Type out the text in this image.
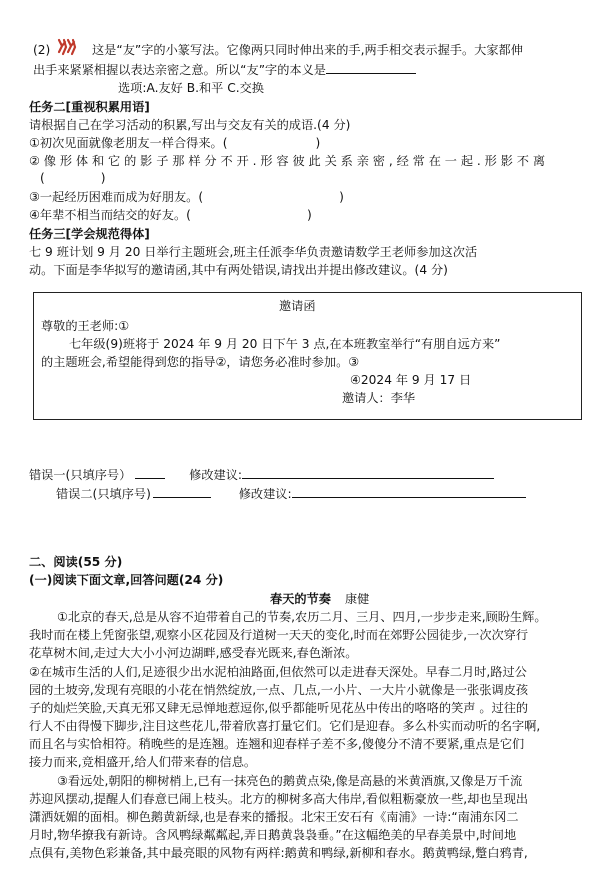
(2)	这是“友”字的小篆写法。它像两只同时伸出来的手,两手相交表示握手。大家都伸
出手来紧紧相握以表达亲密之意。所以“友”字的本义是
选项:A.友好 B.和平 C.交换
任务二[重视积累用语]
请根据自己在学习活动的积累,写出与交友有关的成语.(4 分)
①初次见面就像老朋友一样合得来。(	)
② 像 形 体 和 它 的 影 子 那 样 分 不 开 . 形 容 彼 此 关 系 亲 密 , 经 常 在 一 起 . 形 影 不 离
(	)
③一起经历困难而成为好朋友。(	)
④年辈不相当而结交的好友。(	)
任务三[学会规范得体]
七 9 班计划 9 月 20 日举行主题班会,班主任派李华负责邀请数学王老师参加这次活
动。下面是李华拟写的邀请函,其中有两处错误,请找出并提出修改建议。(4 分)
邀请函
尊敬的王老师:①
七年级(9)班将于 2024 年 9 月 20 日下午 3 点,在本班教室举行“有朋自远方来”
的主题班会,希望能得到您的指导②，请您务必准时参加。③
④2024 年 9 月 17 日
邀请人：李华
错误一(只填序号）	修改建议:
错误二(只填序号)	修改建议:
二、阅读(55 分)
(一)阅读下面文章,回答问题(24 分)
春天的节奏 康健
①北京的春天,总是从容不迫带着自己的节奏,农历二月、三月、四月,一步步走来,顾盼生辉。
我时而在楼上凭窗张望,观察小区花园及行道树一天天的变化,时而在郊野公园徒步,一次次穿行
花草树木间,走过大大小小河边湖畔,感受春光既来,春色渐浓。
②在城市生活的人们,足迹很少出水泥柏油路面,但依然可以走进春天深处。早春二月时,路过公
园的土坡旁,发现有亮眼的小花在悄然绽放,一点、几点,一小片、一大片小就像是一张张调皮孩
子的灿烂笑脸,天真无邪又肆无忌惮地惹逗你,似乎都能听见花丛中传出的咯咯的笑声 。过往的
行人不由得慢下脚步,注目这些花儿,带着欣喜打量它们。它们是迎春。多么朴实而动听的名字啊,
而且名与实恰相符。稍晚些的是连翘。连翘和迎春样子差不多,傻傻分不清不要紧,重点是它们
接力而来,竞相盛开,给人们带来春的信息。
③看远处,朝阳的柳树梢上,已有一抹亮色的鹅黄点染,像是高悬的米黄酒旗,又像是万千流
苏迎风摆动,提醒人们春意已闹上枝头。北方的柳树多高大伟岸,看似粗粝豪放一些,却也呈现出
潇洒妩媚的面相。柳色鹅黄新绿,也是春来的播报。北宋王安石有《南浦》一诗:“南浦东冈二
月时,物华撩我有新诗。含风鸭绿粼粼起,弄日鹅黄袅袅垂。”在这幅绝美的早春美景中,时间地
点俱有,美物色彩兼备,其中最亮眼的风物有两样:鹅黄和鸭绿,新柳和春水。鹅黄鸭绿,蹩白鸦青,
